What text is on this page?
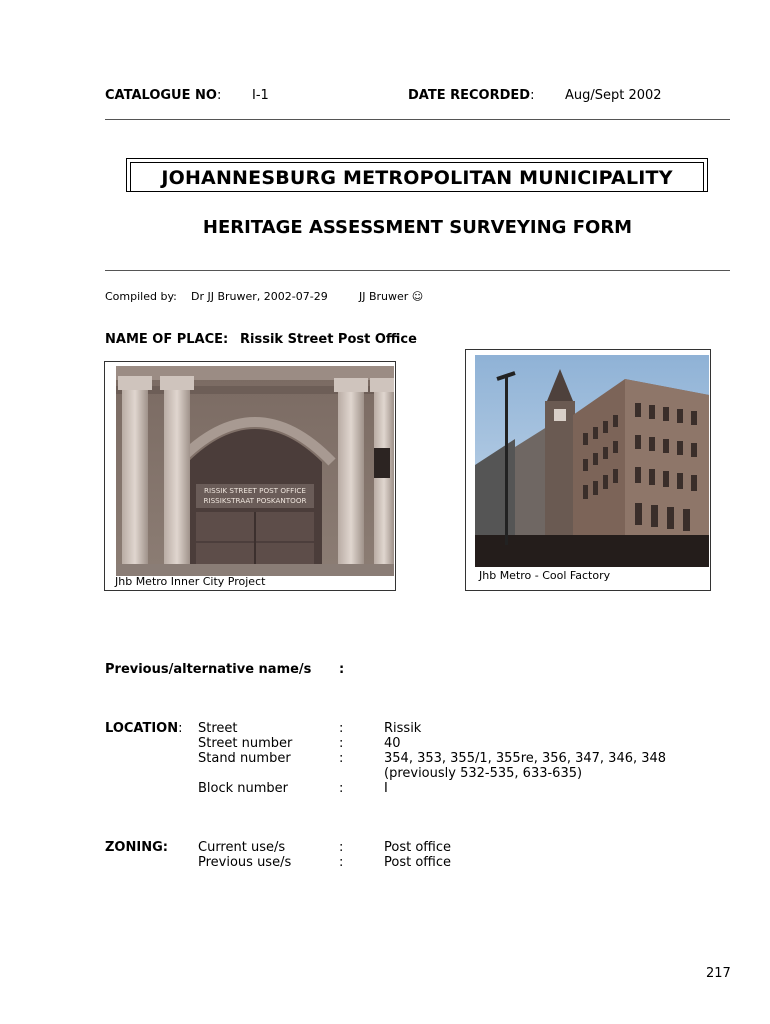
CATALOGUE NO: I-1	DATE RECORDED: Aug/Sept 2002
JOHANNESBURG METROPOLITAN MUNICIPALITY
HERITAGE ASSESSMENT SURVEYING FORM
Compiled by: Dr JJ Bruwer, 2002-07-29	JJ Bruwer ☺
NAME OF PLACE: Rissik Street Post Office
RISSIK STREET POST OFFICE
RISSIKSTRAAT POSKANTOOR
Jhb Metro Inner City Project	Jhb Metro - Cool Factory
Previous/alternative name/s :
LOCATION: Street	:	Rissik
Street number	:	40
Stand number	:	354, 353, 355/1, 355re, 356, 347, 346, 348
(previously 532-535, 633-635)
Block number	:	I
ZONING: Current use/s	:	Post office
Previous use/s	:	Post office
217
